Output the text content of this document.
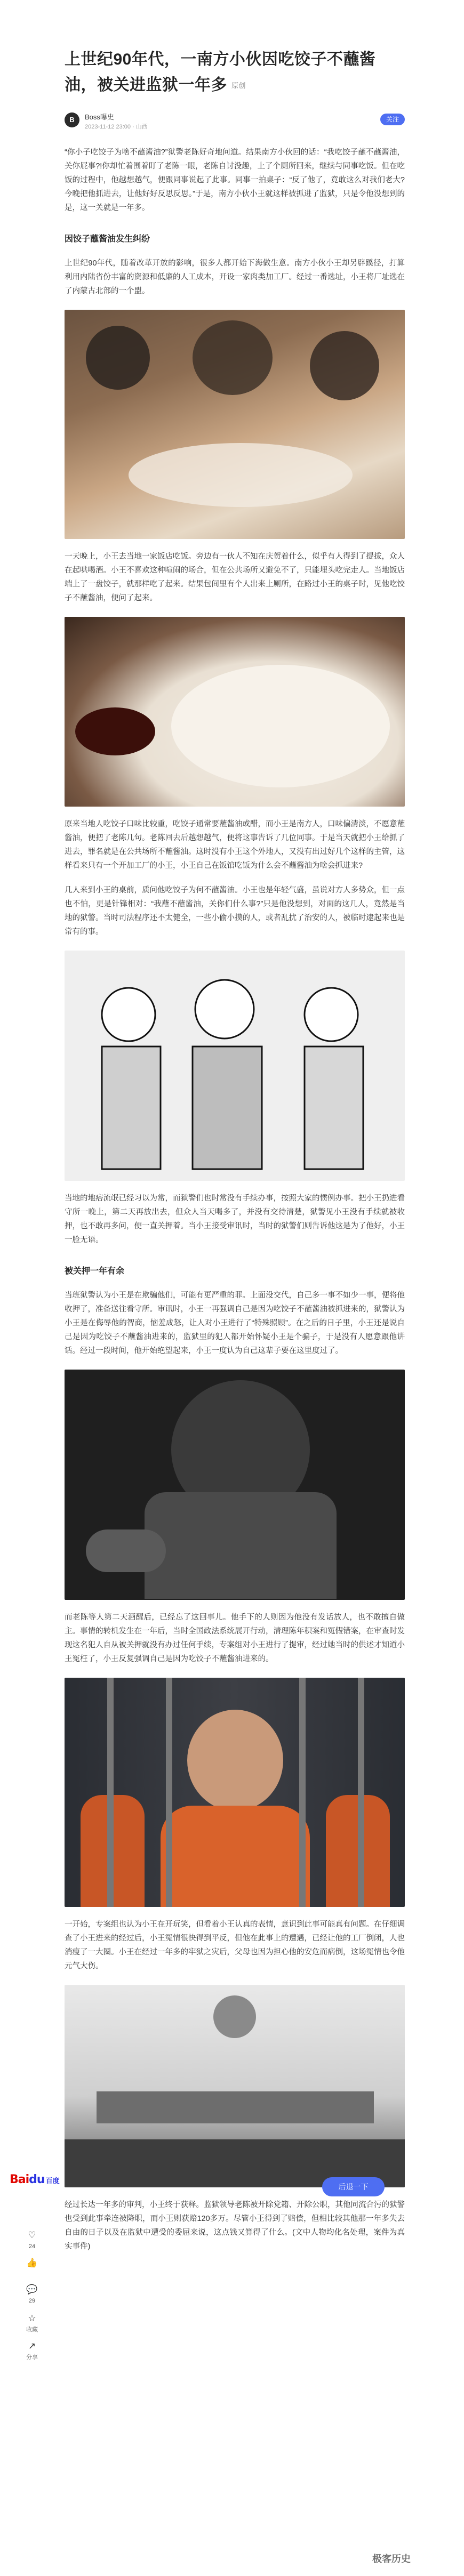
上世纪90年代，一南方小伙因吃饺子不蘸酱油，被关进监狱一年多 原创
B	Boss曝史
2023-11-12 23:00 · 山西
关注

“你小子吃饺子为啥不蘸酱油?”狱警老陈好奇地问道。结果南方小伙回的话：“我吃饺子蘸不蘸酱油，关你屁事?!你却忙着围着盯了老陈一眼，老陈自讨没趣，上了个厕所回来，继续与同事吃饭。但在吃饭的过程中，他越想越气，便跟同事说起了此事。同事一拍桌子：“反了他了，竟敢这么对我们老大?今晚把他抓进去，让他好好反思反思。”于是，南方小伙小王就这样被抓进了监狱，只是令他没想到的是，这一关就是一年多。

因饺子蘸酱油发生纠纷

上世纪90年代，随着改革开放的影响，很多人都开始下海做生意。南方小伙小王却另辟蹊径，打算利用内陆省份丰富的资源和低廉的人工成本，开设一家肉类加工厂。经过一番选址，小王将厂址选在了内蒙古北部的一个盟。

一天晚上，小王去当地一家饭店吃饭。旁边有一伙人不知在庆贺着什么，似乎有人得到了提拔，众人在起哄喝酒。小王不喜欢这种喧闹的场合，但在公共场所又避免不了，只能埋头吃完走人。当地饭店端上了一盘饺子，就那样吃了起来。结果包间里有个人出来上厕所，在路过小王的桌子时，见他吃饺子不蘸酱油，便问了起来。

原来当地人吃饺子口味比较重，吃饺子通常要蘸酱油或醋，而小王是南方人，口味偏清淡，不愿意蘸酱油，便把了老陈几句。老陈回去后越想越气，便将这事告诉了几位同事。于是当天就把小王给抓了进去，罪名就是在公共场所不蘸酱油。这时没有小王这个外地人，又没有出过好几个这样的主管，这样看来只有一个开加工厂的小王，小王自己在饭馆吃饭为什么会不蘸酱油为啥会抓进来?

几人来到小王的桌前，质问他吃饺子为何不蘸酱油。小王也是年轻气盛，虽说对方人多势众，但一点也不怕，更是针锋相对：“我蘸不蘸酱油，关你们什么事?”只是他没想到，对面的这几人，竟然是当地的狱警。当时司法程序还不太健全，一些小偷小摸的人，或者乱扰了治安的人，被临时逮起来也是常有的事。

当地的地痞流氓已经习以为常，而狱警们也时常没有手续办事，按照大家的惯例办事。把小王扔进看守所一晚上，第二天再放出去，但众人当天喝多了，并没有交待清楚，狱警见小王没有手续就被收押，也不敢再多问，便一直关押着。当小王接受审讯时，当时的狱警们则告诉他这是为了他好，小王一脸无语。

被关押一年有余

当班狱警认为小王是在欺骗他们，可能有更严重的罪。上面没交代，自己多一事不如少一事，便将他收押了，准备送往看守所。审讯时，小王一再强调自己是因为吃饺子不蘸酱油被抓进来的，狱警认为小王是在侮辱他的智商，恼羞成怒，让人对小王进行了“特殊照顾”。在之后的日子里，小王还是说自己是因为吃饺子不蘸酱油进来的，监狱里的犯人都开始怀疑小王是个骗子，于是没有人愿意跟他讲话。经过一段时间，他开始绝望起来，小王一度认为自己这辈子要在这里度过了。

而老陈等人第二天酒醒后，已经忘了这回事儿。他手下的人则因为他没有发话放人，也不敢擅自做主。事情的转机发生在一年后，当时全国政法系统展开行动，清理陈年积案和冤假错案，在审查时发现这名犯人自从被关押就没有办过任何手续，专案组对小王进行了提审，经过她当时的供述才知道小王冤枉了，小王反复强调自己是因为吃饺子不蘸酱油进来的。

一开始，专案组也认为小王在开玩笑，但看着小王认真的表情，意识到此事可能真有问题。在仔细调查了小王进来的经过后，小王冤情很快得到平反，但他在此事上的遭遇，已经让他的工厂倒闭，人也消瘦了一大圈。小王在经过一年多的牢狱之灾后，父母也因为担心他的安危而病倒，这场冤情也令他元气大伤。

经过长达一年多的审判，小王终于获释。监狱领导老陈被开除党籍、开除公职，其他同流合污的狱警也受到此事牵连被降职，而小王则获赔120多万。尽管小王得到了赔偿，但相比较其他那一年多失去自由的日子以及在监狱中遭受的委屈来说，这点钱又算得了什么。(文中人物均化名处理，案件为真实事件)

Baidu 百度
♡
24
👍
💬
29
☆
收藏
↗
分享
后退一下
极客历史
